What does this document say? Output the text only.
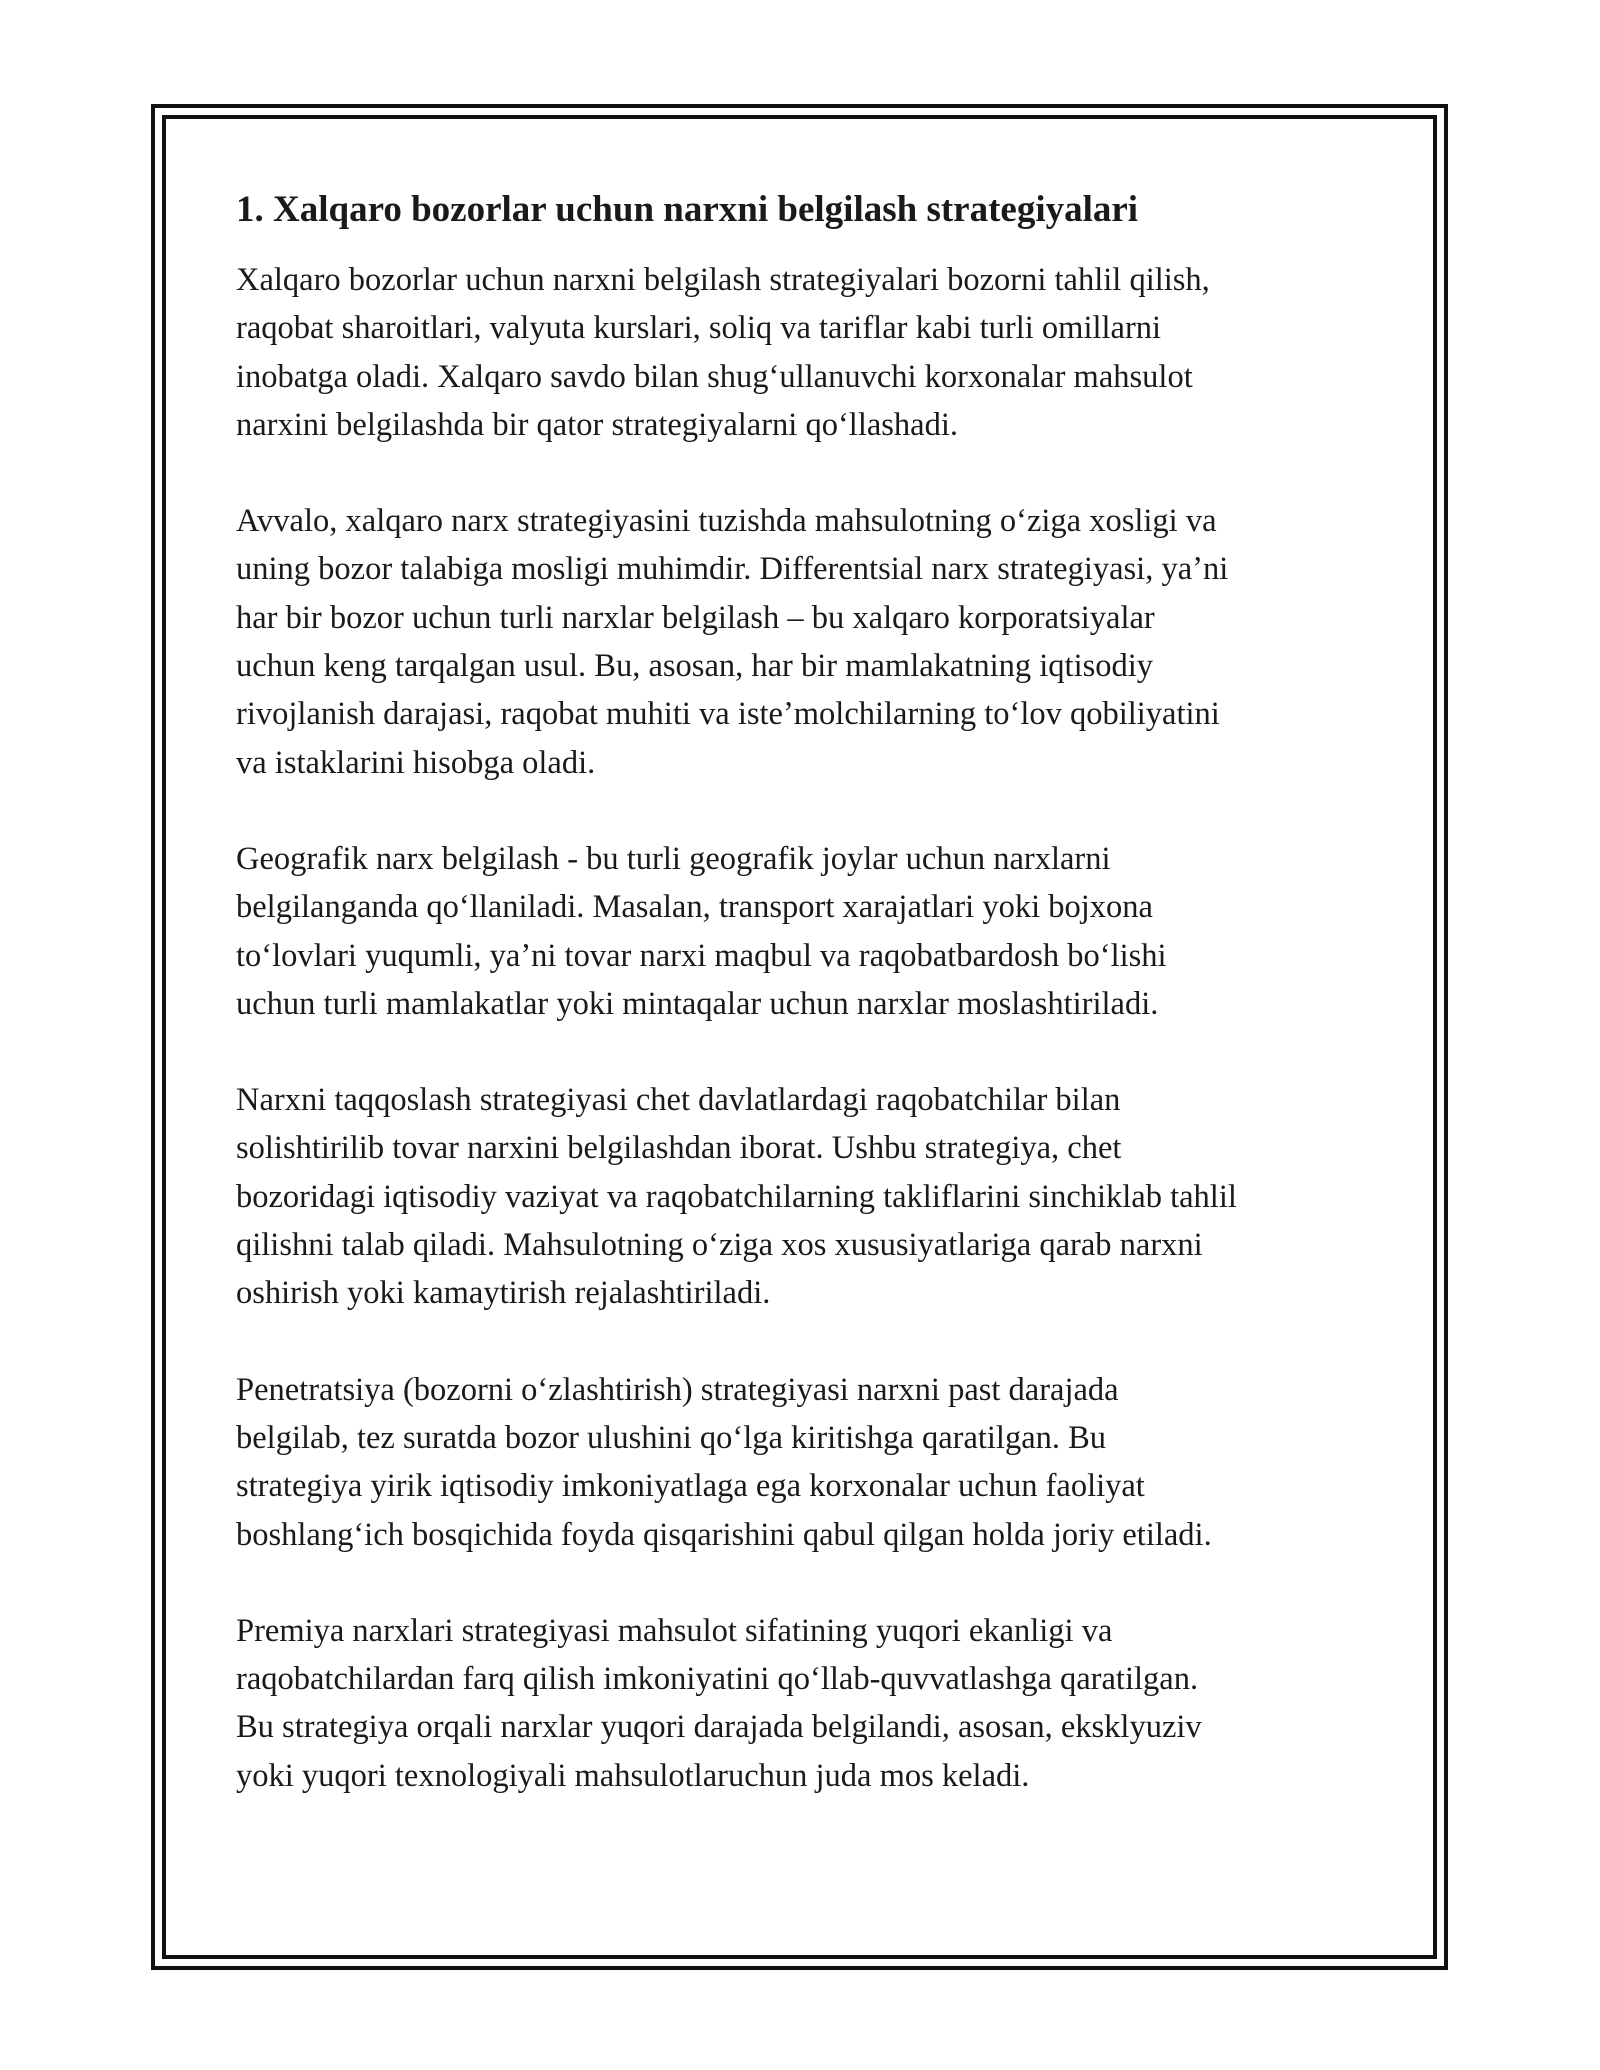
1. Xalqaro bozorlar uchun narxni belgilash strategiyalari

Xalqaro bozorlar uchun narxni belgilash strategiyalari bozorni tahlil qilish,
raqobat sharoitlari, valyuta kurslari, soliq va tariflar kabi turli omillarni
inobatga oladi. Xalqaro savdo bilan shugʻullanuvchi korxonalar mahsulot
narxini belgilashda bir qator strategiyalarni qoʻllashadi.

Avvalo, xalqaro narx strategiyasini tuzishda mahsulotning oʻziga xosligi va
uning bozor talabiga mosligi muhimdir. Differentsial narx strategiyasi, yaʼni
har bir bozor uchun turli narxlar belgilash – bu xalqaro korporatsiyalar
uchun keng tarqalgan usul. Bu, asosan, har bir mamlakatning iqtisodiy
rivojlanish darajasi, raqobat muhiti va isteʼmolchilarning toʻlov qobiliyatini
va istaklarini hisobga oladi.

Geografik narx belgilash - bu turli geografik joylar uchun narxlarni
belgilanganda qoʻllaniladi. Masalan, transport xarajatlari yoki bojxona
toʻlovlari yuqumli, yaʼni tovar narxi maqbul va raqobatbardosh boʻlishi
uchun turli mamlakatlar yoki mintaqalar uchun narxlar moslashtiriladi.

Narxni taqqoslash strategiyasi chet davlatlardagi raqobatchilar bilan
solishtirilib tovar narxini belgilashdan iborat. Ushbu strategiya, chet
bozoridagi iqtisodiy vaziyat va raqobatchilarning takliflarini sinchiklab tahlil
qilishni talab qiladi. Mahsulotning oʻziga xos xususiyatlariga qarab narxni
oshirish yoki kamaytirish rejalashtiriladi.

Penetratsiya (bozorni oʻzlashtirish) strategiyasi narxni past darajada
belgilab, tez suratda bozor ulushini qoʻlga kiritishga qaratilgan. Bu
strategiya yirik iqtisodiy imkoniyatlaga ega korxonalar uchun faoliyat
boshlangʻich bosqichida foyda qisqarishini qabul qilgan holda joriy etiladi.

Premiya narxlari strategiyasi mahsulot sifatining yuqori ekanligi va
raqobatchilardan farq qilish imkoniyatini qoʻllab-quvvatlashga qaratilgan.
Bu strategiya orqali narxlar yuqori darajada belgilandi, asosan, eksklyuziv
yoki yuqori texnologiyali mahsulotlaruchun juda mos keladi.
